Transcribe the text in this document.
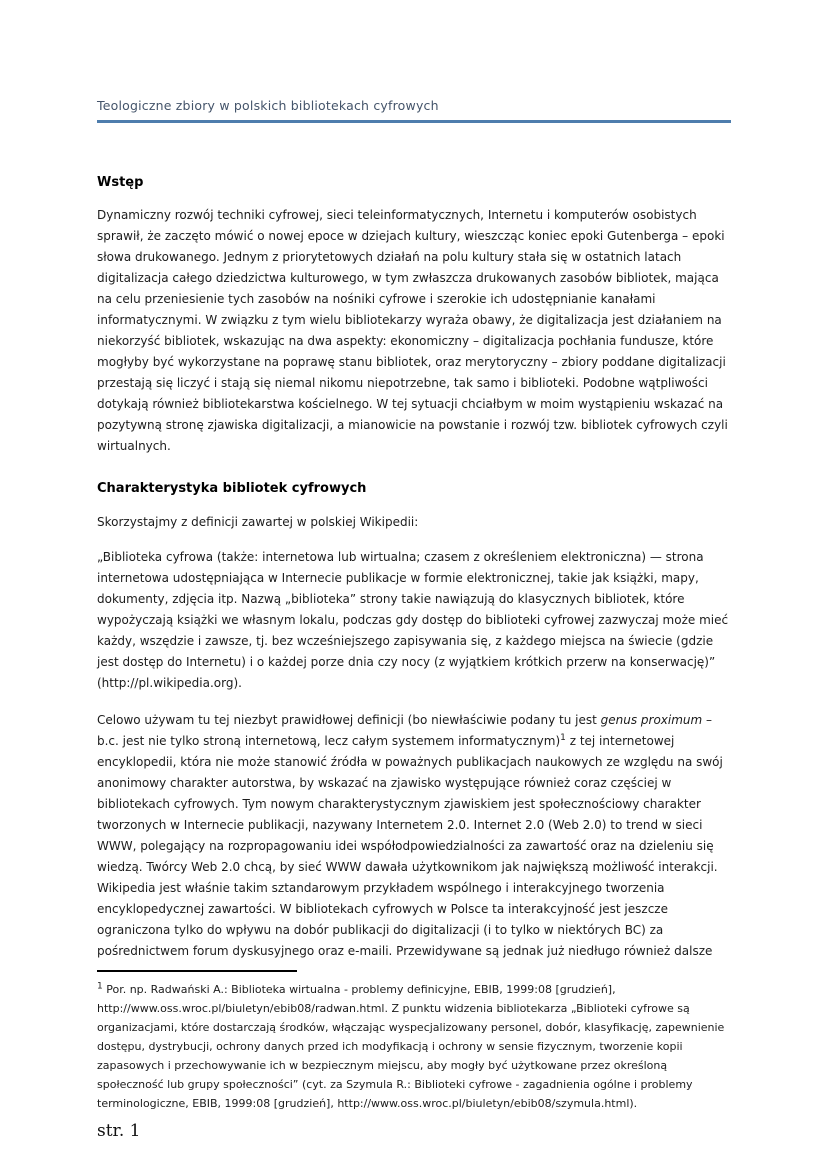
Teologiczne zbiory w polskich bibliotekach cyfrowych
Wstęp

Dynamiczny rozwój techniki cyfrowej, sieci teleinformatycznych, Internetu i komputerów osobistych sprawił, że zaczęto mówić o nowej epoce w dziejach kultury, wieszcząc koniec epoki Gutenberga – epoki słowa drukowanego. Jednym z priorytetowych działań na polu kultury stała się w ostatnich latach digitalizacja całego dziedzictwa kulturowego, w tym zwłaszcza drukowanych zasobów bibliotek, mająca na celu przeniesienie tych zasobów na nośniki cyfrowe i szerokie ich udostępnianie kanałami informatycznymi. W związku z tym wielu bibliotekarzy wyraża obawy, że digitalizacja jest działaniem na niekorzyść bibliotek, wskazując na dwa aspekty: ekonomiczny – digitalizacja pochłania fundusze, które mogłyby być wykorzystane na poprawę stanu bibliotek, oraz merytoryczny – zbiory poddane digitalizacji przestają się liczyć i stają się niemal nikomu niepotrzebne, tak samo i biblioteki. Podobne wątpliwości dotykają również bibliotekarstwa kościelnego. W tej sytuacji chciałbym w moim wystąpieniu wskazać na pozytywną stronę zjawiska digitalizacji, a mianowicie na powstanie i rozwój tzw. bibliotek cyfrowych czyli wirtualnych.

Charakterystyka bibliotek cyfrowych

Skorzystajmy z definicji zawartej w polskiej Wikipedii:

„Biblioteka cyfrowa (także: internetowa lub wirtualna; czasem z określeniem elektroniczna) — strona internetowa udostępniająca w Internecie publikacje w formie elektronicznej, takie jak książki, mapy, dokumenty, zdjęcia itp. Nazwą „biblioteka” strony takie nawiązują do klasycznych bibliotek, które wypożyczają książki we własnym lokalu, podczas gdy dostęp do biblioteki cyfrowej zazwyczaj może mieć każdy, wszędzie i zawsze, tj. bez wcześniejszego zapisywania się, z każdego miejsca na świecie (gdzie jest dostęp do Internetu) i o każdej porze dnia czy nocy (z wyjątkiem krótkich przerw na konserwację)” (http://pl.wikipedia.org).

Celowo używam tu tej niezbyt prawidłowej definicji (bo niewłaściwie podany tu jest genus proximum – b.c. jest nie tylko stroną internetową, lecz całym systemem informatycznym)$^1$ z tej internetowej encyklopedii, która nie może stanowić źródła w poważnych publikacjach naukowych ze względu na swój anonimowy charakter autorstwa, by wskazać na zjawisko występujące również coraz częściej w bibliotekach cyfrowych. Tym nowym charakterystycznym zjawiskiem jest społecznościowy charakter tworzonych w Internecie publikacji, nazywany Internetem 2.0. Internet 2.0 (Web 2.0) to trend w sieci WWW, polegający na rozpropagowaniu idei współodpowiedzialności za zawartość oraz na dzieleniu się wiedzą. Twórcy Web 2.0 chcą, by sieć WWW dawała użytkownikom jak największą możliwość interakcji. Wikipedia jest właśnie takim sztandarowym przykładem wspólnego i interakcyjnego tworzenia encyklopedycznej zawartości. W bibliotekach cyfrowych w Polsce ta interakcyjność jest jeszcze ograniczona tylko do wpływu na dobór publikacji do digitalizacji (i to tylko w niektórych BC) za pośrednictwem forum dyskusyjnego oraz e-maili. Przewidywane są jednak już niedługo również dalsze

$^1$ Por. np. Radwański A.: Biblioteka wirtualna - problemy definicyjne, EBIB, 1999:08 [grudzień], http://www.oss.wroc.pl/biuletyn/ebib08/radwan.html. Z punktu widzenia bibliotekarza „Biblioteki cyfrowe są organizacjami, które dostarczają środków, włączając wyspecjalizowany personel, dobór, klasyfikację, zapewnienie dostępu, dystrybucji, ochrony danych przed ich modyfikacją i ochrony w sensie fizycznym, tworzenie kopii zapasowych i przechowywanie ich w bezpiecznym miejscu, aby mogły być użytkowane przez określoną społeczność lub grupy społeczności” (cyt. za Szymula R.: Biblioteki cyfrowe - zagadnienia ogólne i problemy terminologiczne, EBIB, 1999:08 [grudzień], http://www.oss.wroc.pl/biuletyn/ebib08/szymula.html).
str. 1
